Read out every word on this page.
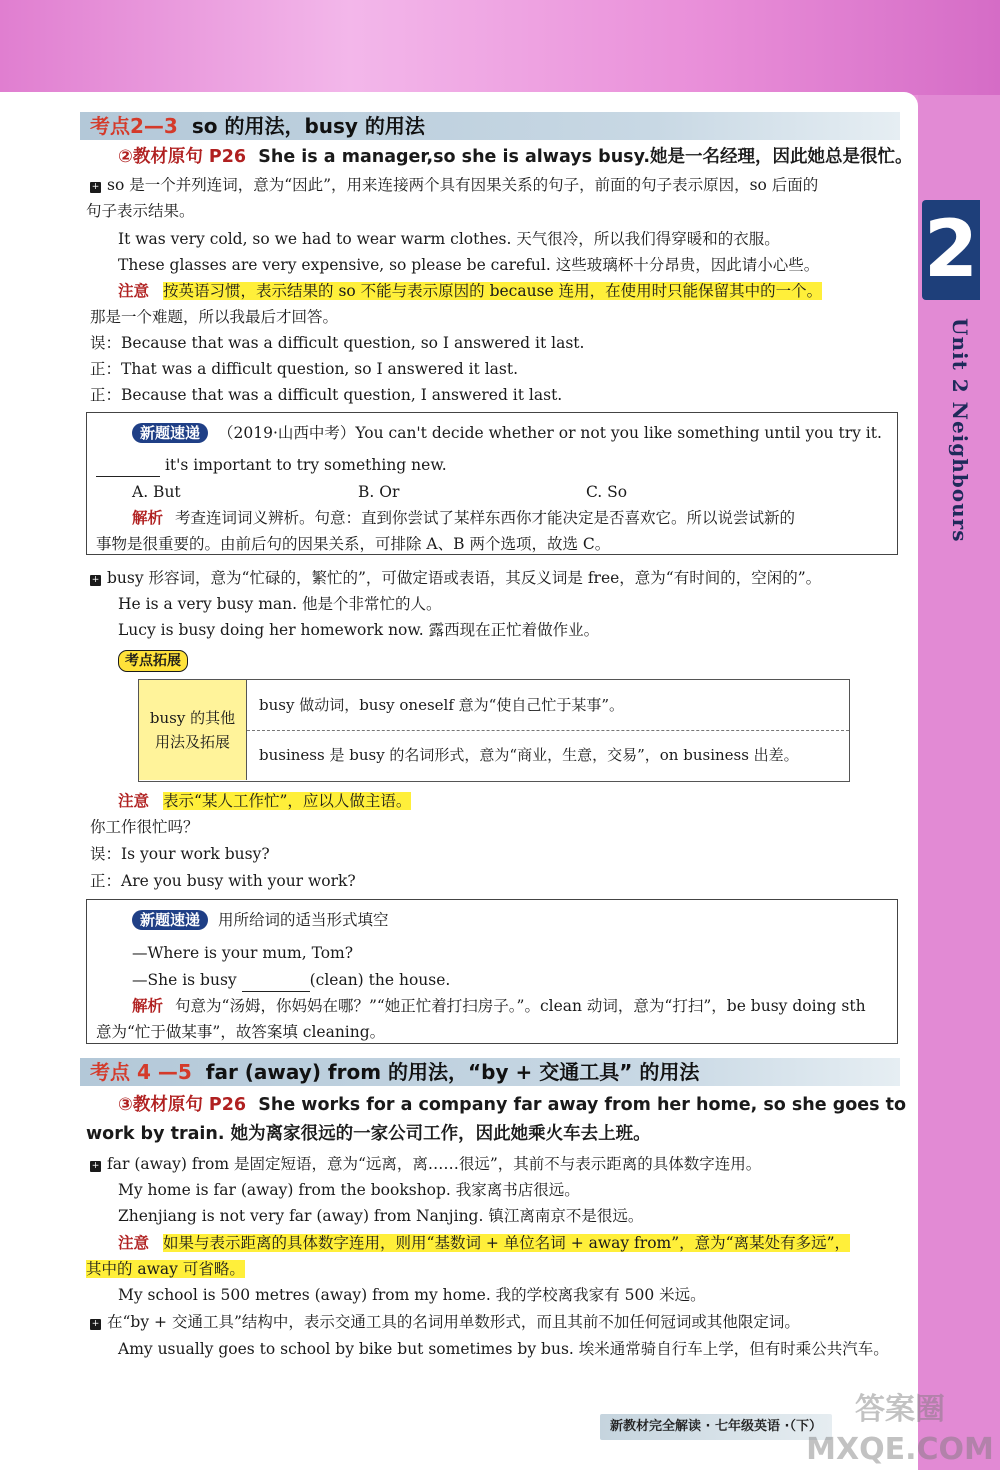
2
Unit 2 Neighbours
考点2—3 so 的用法，busy 的用法
②教材原句 P26 She is a manager,so she is always busy.她是一名经理，因此她总是很忙。
+ so 是一个并列连词，意为“因此”，用来连接两个具有因果关系的句子，前面的句子表示原因，so 后面的
句子表示结果。
It was very cold, so we had to wear warm clothes. 天气很冷，所以我们得穿暖和的衣服。
These glasses are very expensive, so please be careful. 这些玻璃杯十分昂贵，因此请小心些。
注意 按英语习惯，表示结果的 so 不能与表示原因的 because 连用，在使用时只能保留其中的一个。
那是一个难题，所以我最后才回答。
误：Because that was a difficult question, so I answered it last.
正：That was a difficult question, so I answered it last.
正：Because that was a difficult question, I answered it last.
新题速递 （2019·山西中考）You can't decide whether or not you like something until you try it.
it's important to try something new.
A. But	B. Or	C. So
解析 考查连词词义辨析。句意：直到你尝试了某样东西你才能决定是否喜欢它。所以说尝试新的
事物是很重要的。由前后句的因果关系，可排除 A、B 两个选项，故选 C。
+ busy 形容词，意为“忙碌的，繁忙的”，可做定语或表语，其反义词是 free，意为“有时间的，空闲的”。
He is a very busy man. 他是个非常忙的人。
Lucy is busy doing her homework now. 露西现在正忙着做作业。
考点拓展
busy 的其他
用法及拓展
busy 做动词，busy oneself 意为“使自己忙于某事”。
business 是 busy 的名词形式，意为“商业，生意，交易”，on business 出差。
注意 表示“某人工作忙”，应以人做主语。
你工作很忙吗？
误：Is your work busy?
正：Are you busy with your work?
新题速递 用所给词的适当形式填空
—Where is your mum, Tom?
—She is busy	(clean) the house.
解析 句意为“汤姆，你妈妈在哪？”“她正忙着打扫房子。”。clean 动词，意为“打扫”，be busy doing sth
意为“忙于做某事”，故答案填 cleaning。
考点 4 —5 far (away) from 的用法，“by + 交通工具” 的用法
③教材原句 P26 She works for a company far away from her home, so she goes to
work by train. 她为离家很远的一家公司工作，因此她乘火车去上班。
+ far (away) from 是固定短语，意为“远离，离……很远”，其前不与表示距离的具体数字连用。
My home is far (away) from the bookshop. 我家离书店很远。
Zhenjiang is not very far (away) from Nanjing. 镇江离南京不是很远。
注意 如果与表示距离的具体数字连用，则用“基数词 + 单位名词 + away from”，意为“离某处有多远”，
其中的 away 可省略。
My school is 500 metres (away) from my home. 我的学校离我家有 500 米远。
+ 在“by + 交通工具”结构中，表示交通工具的名词用单数形式，而且其前不加任何冠词或其他限定词。
Amy usually goes to school by bike but sometimes by bus. 埃米通常骑自行车上学，但有时乘公共汽车。
新教材完全解读 · 七年级英语 ·（下）	答案圈 MXQE.COM
